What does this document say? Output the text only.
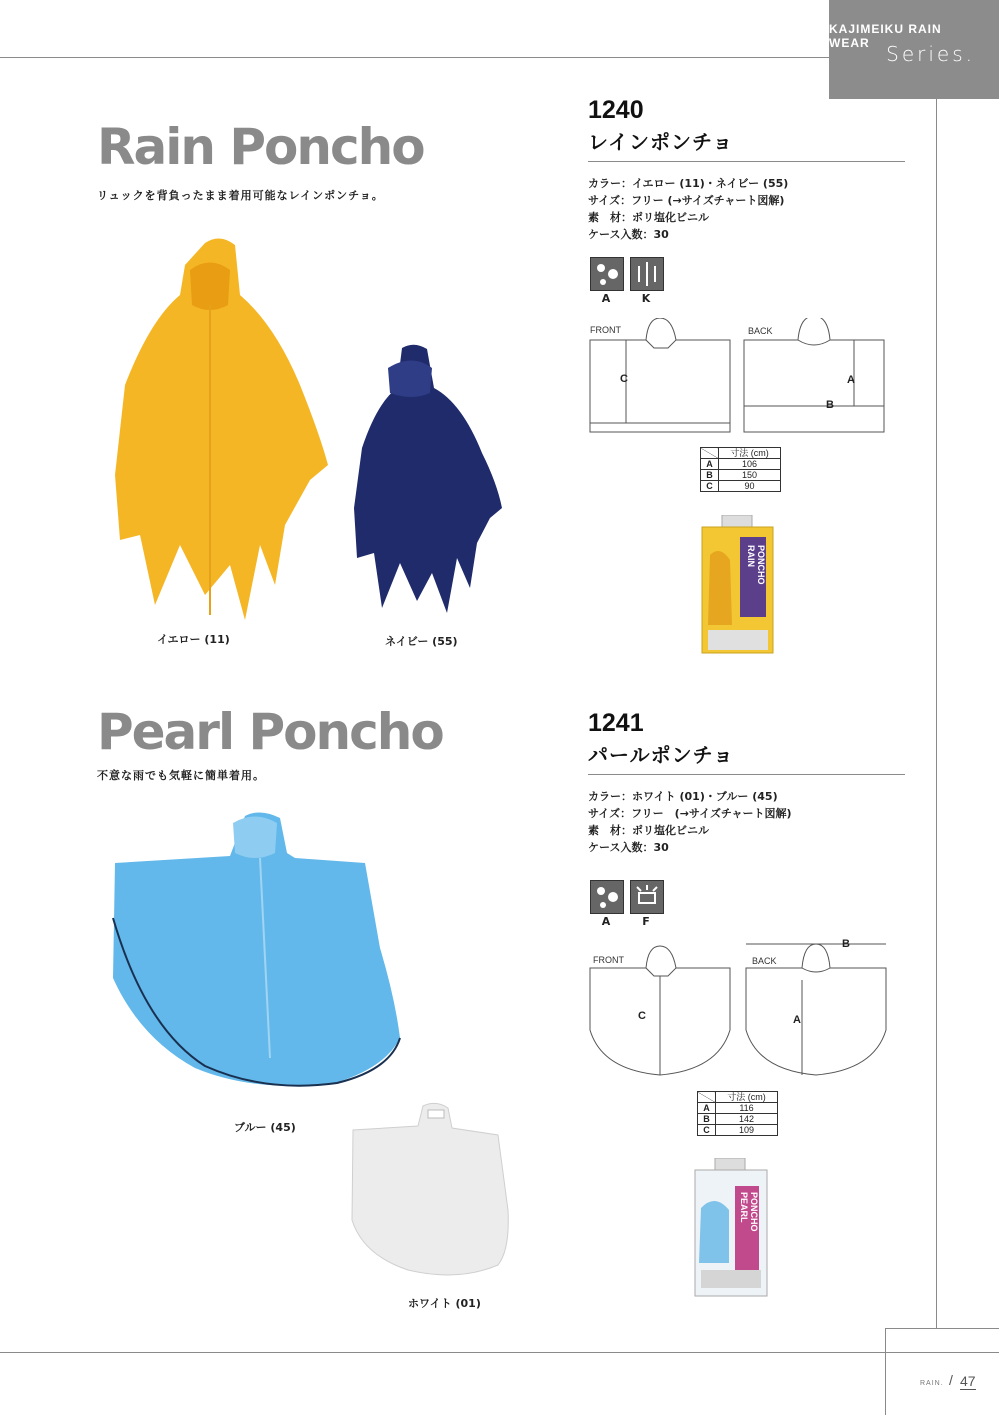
KAJIMEIKU RAIN WEAR Series.
Rain Poncho
リュックを背負ったまま着用可能なレインポンチョ。
イエロー (11)	ネイビー (55)
1240
レインポンチョ
カラー：イエロー (11)・ネイビー (55)
サイズ：フリー (→サイズチャート図解)
素　材：ポリ塩化ビニル
ケース入数：30
A	K
FRONT	BACK
C	A
B
	寸法 (cm)
A	106
B	150
C	90
RAIN PONCHO
Pearl Poncho
不意な雨でも気軽に簡単着用。
ブルー (45)
ホワイト (01)
1241
パールポンチョ
カラー：ホワイト (01)・ブルー (45)
サイズ：フリー　(→サイズチャート図解)
素　材：ポリ塩化ビニル
ケース入数：30
A	F
FRONT	BACK
C	A
B
	寸法 (cm)
A	116
B	142
C	109
PEARL PONCHO
RAIN. / 47
